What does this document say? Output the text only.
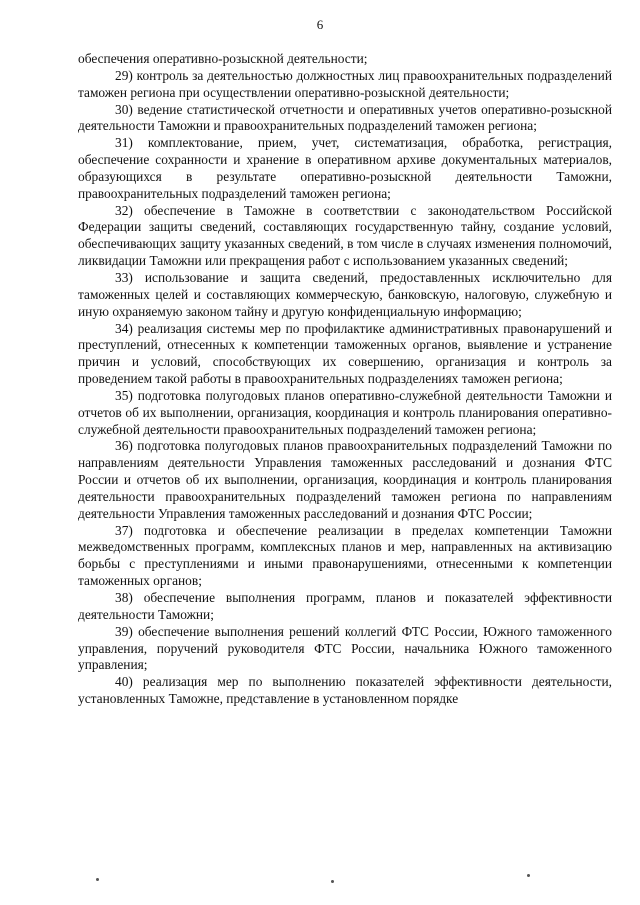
6

обеспечения оперативно-розыскной деятельности;

29) контроль за деятельностью должностных лиц правоохранительных подразделений таможен региона при осуществлении оперативно-розыскной деятельности;

30) ведение статистической отчетности и оперативных учетов оперативно-розыскной деятельности Таможни и правоохранительных подразделений таможен региона;

31) комплектование, прием, учет, систематизация, обработка, регистрация, обеспечение сохранности и хранение в оперативном архиве документальных материалов, образующихся в результате оперативно-розыскной деятельности Таможни, правоохранительных подразделений таможен региона;

32) обеспечение в Таможне в соответствии с законодательством Российской Федерации защиты сведений, составляющих государственную тайну, создание условий, обеспечивающих защиту указанных сведений, в том числе в случаях изменения полномочий, ликвидации Таможни или прекращения работ с использованием указанных сведений;

33) использование и защита сведений, предоставленных исключительно для таможенных целей и составляющих коммерческую, банковскую, налоговую, служебную и иную охраняемую законом тайну и другую конфиденциальную информацию;

34) реализация системы мер по профилактике административных правонарушений и преступлений, отнесенных к компетенции таможенных органов, выявление и устранение причин и условий, способствующих их совершению, организация и контроль за проведением такой работы в правоохранительных подразделениях таможен региона;

35) подготовка полугодовых планов оперативно-служебной деятельности Таможни и отчетов об их выполнении, организация, координация и контроль планирования оперативно-служебной деятельности правоохранительных подразделений таможен региона;

36) подготовка полугодовых планов правоохранительных подразделений Таможни по направлениям деятельности Управления таможенных расследований и дознания ФТС России и отчетов об их выполнении, организация, координация и контроль планирования деятельности правоохранительных подразделений таможен региона по направлениям деятельности Управления таможенных расследований и дознания ФТС России;

37) подготовка и обеспечение реализации в пределах компетенции Таможни межведомственных программ, комплексных планов и мер, направленных на активизацию борьбы с преступлениями и иными правонарушениями, отнесенными к компетенции таможенных органов;

38) обеспечение выполнения программ, планов и показателей эффективности деятельности Таможни;

39) обеспечение выполнения решений коллегий ФТС России, Южного таможенного управления, поручений руководителя ФТС России, начальника Южного таможенного управления;

40) реализация мер по выполнению показателей эффективности деятельности, установленных Таможне, представление в установленном порядке
